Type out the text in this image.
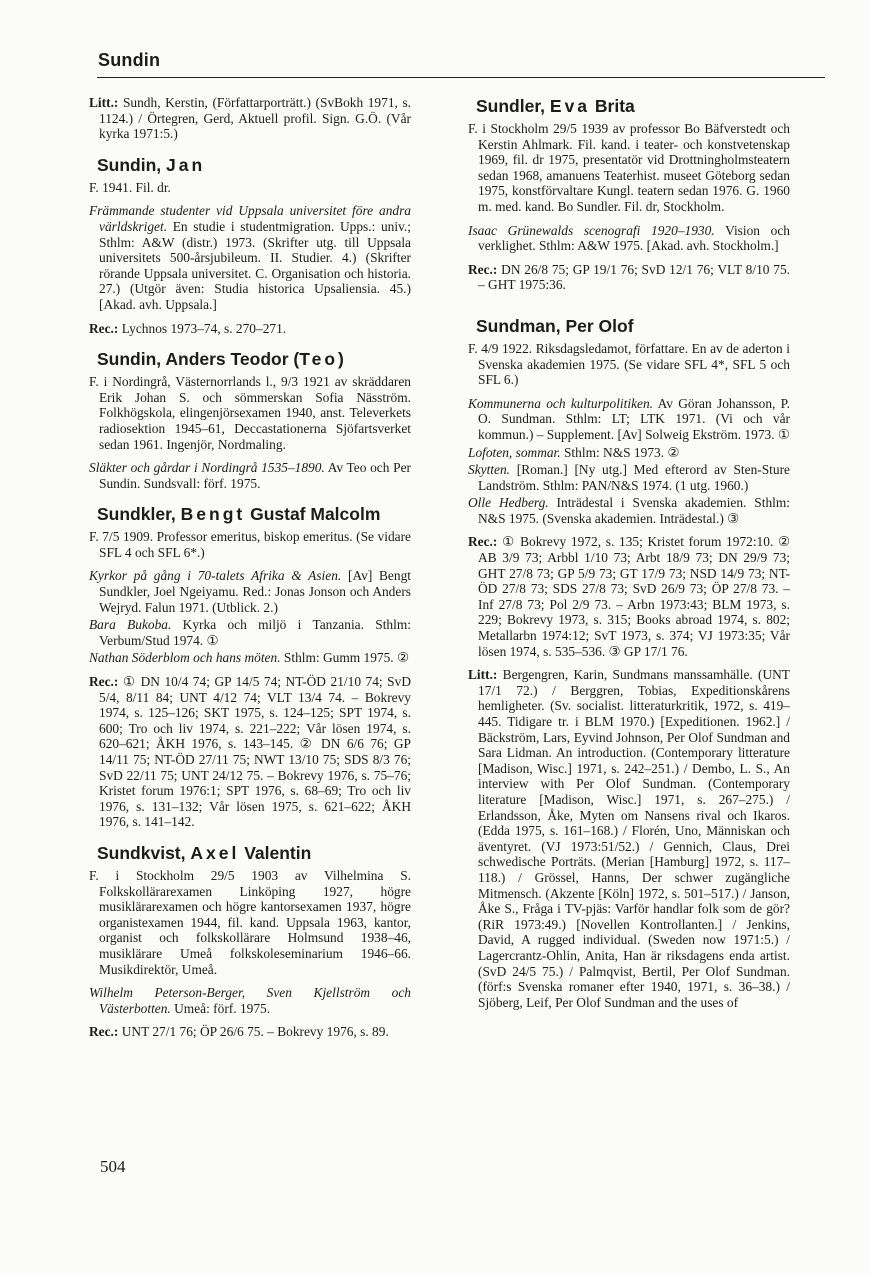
Sundin
Litt.: Sundh, Kerstin, (Författarporträtt.) (SvBokh 1971, s. 1124.) / Örtegren, Gerd, Aktuell profil. Sign. G.Ö. (Vår kyrka 1971:5.)
Sundin, Jan
F. 1941. Fil. dr.
Främmande studenter vid Uppsala universitet före andra världskriget. En studie i studentmigration. Upps.: univ.; Sthlm: A&W (distr.) 1973. (Skrifter utg. till Uppsala universitets 500-årsjubileum. II. Studier. 4.) (Skrifter rörande Uppsala universitet. C. Organisation och historia. 27.) (Utgör även: Studia historica Upsaliensia. 45.) [Akad. avh. Uppsala.]
Rec.: Lychnos 1973–74, s. 270–271.
Sundin, Anders Teodor (Teo)
F. i Nordingrå, Västernorrlands l., 9/3 1921 av skräddaren Erik Johan S. och sömmerskan Sofia Näsström. Folkhögskola, elingenjörsexamen 1940, anst. Televerkets radiosektion 1945–61, Deccastationerna Sjöfartsverket sedan 1961. Ingenjör, Nordmaling.
Släkter och gårdar i Nordingrå 1535–1890. Av Teo och Per Sundin. Sundsvall: förf. 1975.
Sundkler, Bengt Gustaf Malcolm
F. 7/5 1909. Professor emeritus, biskop emeritus. (Se vidare SFL 4 och SFL 6*.)
Kyrkor på gång i 70-talets Afrika & Asien. [Av] Bengt Sundkler, Joel Ngeiyamu. Red.: Jonas Jonson och Anders Wejryd. Falun 1971. (Utblick. 2.)
Bara Bukoba. Kyrka och miljö i Tanzania. Sthlm: Verbum/Stud 1974. ①
Nathan Söderblom och hans möten. Sthlm: Gumm 1975. ②
Rec.: ① DN 10/4 74; GP 14/5 74; NT-ÖD 21/10 74; SvD 5/4, 8/11 84; UNT 4/12 74; VLT 13/4 74. – Bokrevy 1974, s. 125–126; SKT 1975, s. 124–125; SPT 1974, s. 600; Tro och liv 1974, s. 221–222; Vår lösen 1974, s. 620–621; ÅKH 1976, s. 143–145. ② DN 6/6 76; GP 14/11 75; NT-ÖD 27/11 75; NWT 13/10 75; SDS 8/3 76; SvD 22/11 75; UNT 24/12 75. – Bokrevy 1976, s. 75–76; Kristet forum 1976:1; SPT 1976, s. 68–69; Tro och liv 1976, s. 131–132; Vår lösen 1975, s. 621–622; ÅKH 1976, s. 141–142.
Sundkvist, Axel Valentin
F. i Stockholm 29/5 1903 av Vilhelmina S. Folkskollärarexamen Linköping 1927, högre musiklärarexamen och högre kantorsexamen 1937, högre organistexamen 1944, fil. kand. Uppsala 1963, kantor, organist och folkskollärare Holmsund 1938–46, musiklärare Umeå folkskoleseminarium 1946–66. Musikdirektör, Umeå.
Wilhelm Peterson-Berger, Sven Kjellström och Västerbotten. Umeå: förf. 1975.
Rec.: UNT 27/1 76; ÖP 26/6 75. – Bokrevy 1976, s. 89.
Sundler, Eva Brita
F. i Stockholm 29/5 1939 av professor Bo Bäfverstedt och Kerstin Ahlmark. Fil. kand. i teater- och konstvetenskap 1969, fil. dr 1975, presentatör vid Drottningholmsteatern sedan 1968, amanuens Teaterhist. museet Göteborg sedan 1975, konstförvaltare Kungl. teatern sedan 1976. G. 1960 m. med. kand. Bo Sundler. Fil. dr, Stockholm.
Isaac Grünewalds scenografi 1920–1930. Vision och verklighet. Sthlm: A&W 1975. [Akad. avh. Stockholm.]
Rec.: DN 26/8 75; GP 19/1 76; SvD 12/1 76; VLT 8/10 75. – GHT 1975:36.
Sundman, Per Olof
F. 4/9 1922. Riksdagsledamot, författare. En av de aderton i Svenska akademien 1975. (Se vidare SFL 4*, SFL 5 och SFL 6.)
Kommunerna och kulturpolitiken. Av Göran Johansson, P. O. Sundman. Sthlm: LT; LTK 1971. (Vi och vår kommun.) – Supplement. [Av] Solweig Ekström. 1973. ①
Lofoten, sommar. Sthlm: N&S 1973. ②
Skytten. [Roman.] [Ny utg.] Med efterord av Sten-Sture Landström. Sthlm: PAN/N&S 1974. (1 utg. 1960.)
Olle Hedberg. Inträdestal i Svenska akademien. Sthlm: N&S 1975. (Svenska akademien. Inträdestal.) ③
Rec.: ① Bokrevy 1972, s. 135; Kristet forum 1972:10. ② AB 3/9 73; Arbbl 1/10 73; Arbt 18/9 73; DN 29/9 73; GHT 27/8 73; GP 5/9 73; GT 17/9 73; NSD 14/9 73; NT-ÖD 27/8 73; SDS 27/8 73; SvD 26/9 73; ÖP 27/8 73. – Inf 27/8 73; Pol 2/9 73. – Arbn 1973:43; BLM 1973, s. 229; Bokrevy 1973, s. 315; Books abroad 1974, s. 802; Metallarbn 1974:12; SvT 1973, s. 374; VJ 1973:35; Vår lösen 1974, s. 535–536. ③ GP 17/1 76.
Litt.: Bergengren, Karin, Sundmans manssamhälle. (UNT 17/1 72.) / Berggren, Tobias, Expeditionskårens hemligheter. (Sv. socialist. litteraturkritik, 1972, s. 419–445. Tidigare tr. i BLM 1970.) [Expeditionen. 1962.] / Bäckström, Lars, Eyvind Johnson, Per Olof Sundman and Sara Lidman. An introduction. (Contemporary litterature [Madison, Wisc.] 1971, s. 242–251.) / Dembo, L. S., An interview with Per Olof Sundman. (Contemporary literature [Madison, Wisc.] 1971, s. 267–275.) / Erlandsson, Åke, Myten om Nansens rival och Ikaros. (Edda 1975, s. 161–168.) / Florén, Uno, Människan och äventyret. (VJ 1973:51/52.) / Gennich, Claus, Drei schwedische Porträts. (Merian [Hamburg] 1972, s. 117–118.) / Grössel, Hanns, Der schwer zugängliche Mitmensch. (Akzente [Köln] 1972, s. 501–517.) / Janson, Åke S., Fråga i TV-pjäs: Varför handlar folk som de gör? (RiR 1973:49.) [Novellen Kontrollanten.] / Jenkins, David, A rugged individual. (Sweden now 1971:5.) / Lagercrantz-Ohlin, Anita, Han är riksdagens enda artist. (SvD 24/5 75.) / Palmqvist, Bertil, Per Olof Sundman. (förf:s Svenska romaner efter 1940, 1971, s. 36–38.) / Sjöberg, Leif, Per Olof Sundman and the uses of
504
